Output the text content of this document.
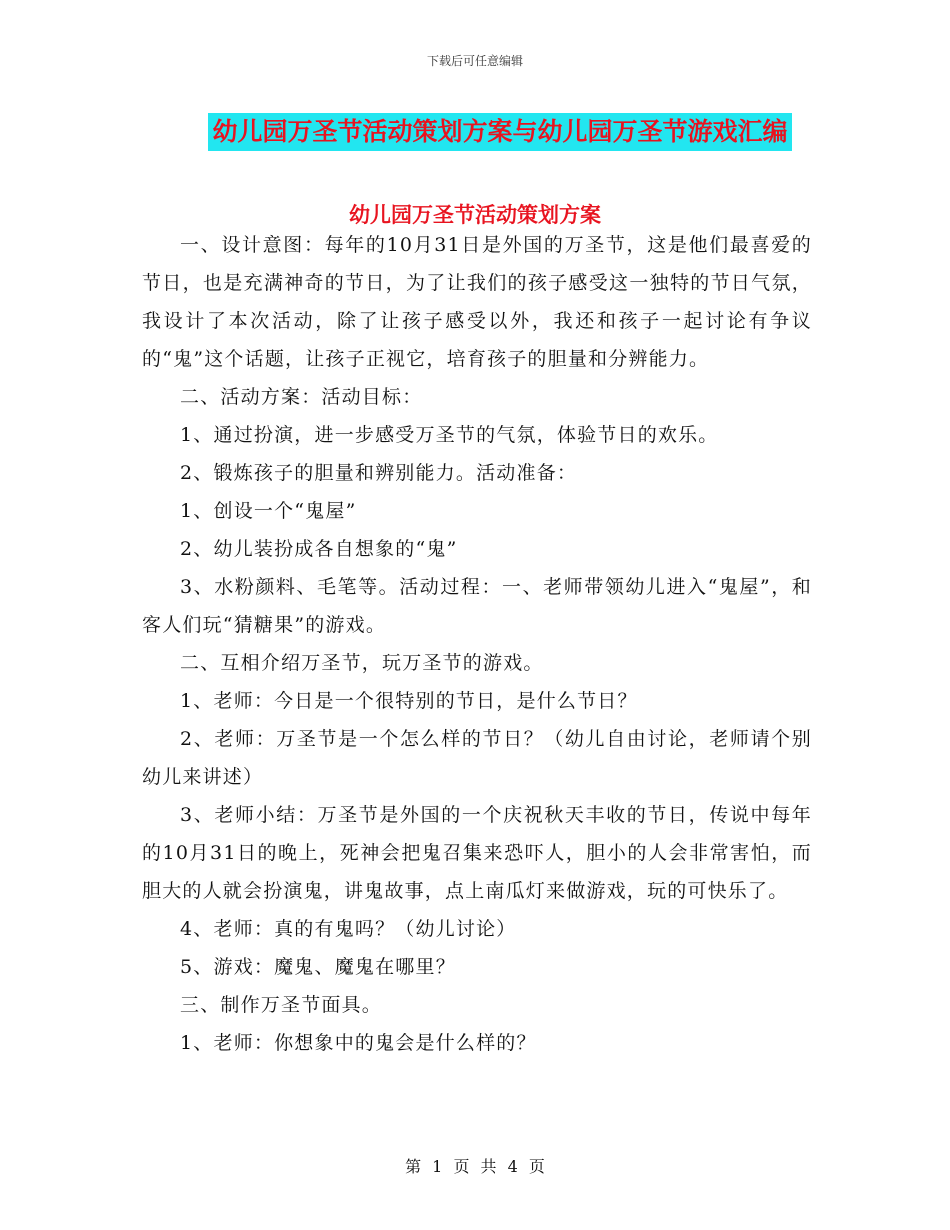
下载后可任意编辑
幼儿园万圣节活动策划方案与幼儿园万圣节游戏汇编
幼儿园万圣节活动策划方案

一、设计意图：每年的10月31日是外国的万圣节，这是他们最喜爱的节日，也是充满神奇的节日，为了让我们的孩子感受这一独特的节日气氛，我设计了本次活动，除了让孩子感受以外，我还和孩子一起讨论有争议的“鬼”这个话题，让孩子正视它，培育孩子的胆量和分辨能力。

二、活动方案：活动目标：

1、通过扮演，进一步感受万圣节的气氛，体验节日的欢乐。

2、锻炼孩子的胆量和辨别能力。活动准备：

1、创设一个“鬼屋”

2、幼儿装扮成各自想象的“鬼”

3、水粉颜料、毛笔等。活动过程：一、老师带领幼儿进入“鬼屋”，和客人们玩“猜糖果”的游戏。

二、互相介绍万圣节，玩万圣节的游戏。

1、老师：今日是一个很特别的节日，是什么节日？

2、老师：万圣节是一个怎么样的节日？（幼儿自由讨论，老师请个别幼儿来讲述）

3、老师小结：万圣节是外国的一个庆祝秋天丰收的节日，传说中每年的10月31日的晚上，死神会把鬼召集来恐吓人，胆小的人会非常害怕，而胆大的人就会扮演鬼，讲鬼故事，点上南瓜灯来做游戏，玩的可快乐了。

4、老师：真的有鬼吗？（幼儿讨论）

5、游戏：魔鬼、魔鬼在哪里？

三、制作万圣节面具。

1、老师：你想象中的鬼会是什么样的？

第 1 页 共 4 页
